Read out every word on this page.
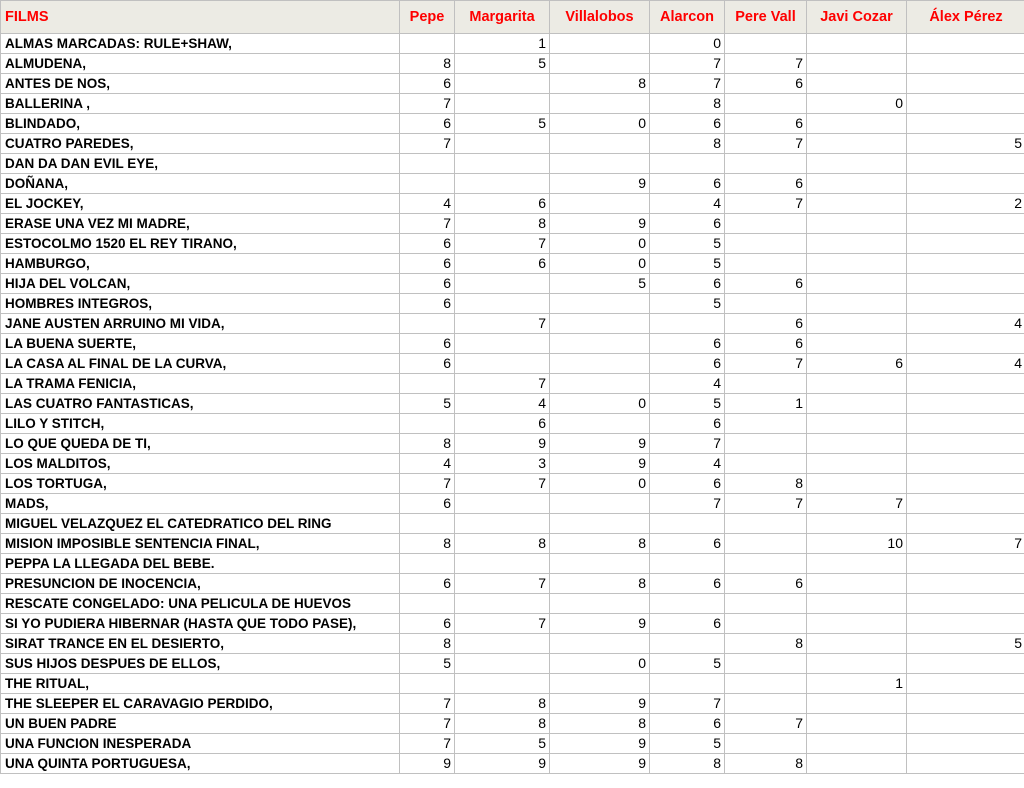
FILMS	Pepe	Margarita	Villalobos	Alarcon	Pere Vall	Javi Cozar	Álex Pérez
ALMAS MARCADAS: RULE+SHAW,		1		0			
ALMUDENA,	8	5		7	7		
ANTES DE NOS,	6		8	7	6		
BALLERINA ,	7			8		0	
BLINDADO,	6	5	0	6	6		
CUATRO PAREDES,	7			8	7		5
DAN DA DAN EVIL EYE,							
DOÑANA,			9	6	6		
EL JOCKEY,	4	6		4	7		2
ERASE UNA VEZ MI MADRE,	7	8	9	6			
ESTOCOLMO 1520 EL REY TIRANO,	6	7	0	5			
HAMBURGO,	6	6	0	5			
HIJA DEL VOLCAN,	6		5	6	6		
HOMBRES INTEGROS,	6			5			
JANE AUSTEN ARRUINO MI VIDA,		7			6		4
LA BUENA SUERTE,	6			6	6		
LA CASA AL FINAL DE LA CURVA,	6			6	7	6	4
LA TRAMA FENICIA,		7		4			
LAS CUATRO FANTASTICAS,	5	4	0	5	1		
LILO Y STITCH,		6		6			
LO QUE QUEDA DE TI,	8	9	9	7			
LOS MALDITOS,	4	3	9	4			
LOS TORTUGA,	7	7	0	6	8		
MADS,	6			7	7	7	
MIGUEL VELAZQUEZ EL CATEDRATICO DEL RING							
MISION IMPOSIBLE SENTENCIA FINAL,	8	8	8	6		10	7
PEPPA LA LLEGADA DEL BEBE.							
PRESUNCION DE INOCENCIA,	6	7	8	6	6		
RESCATE CONGELADO: UNA PELICULA DE HUEVOS							
SI YO PUDIERA HIBERNAR (HASTA QUE TODO PASE),	6	7	9	6			
SIRAT TRANCE EN EL DESIERTO,	8				8		5
SUS HIJOS DESPUES DE ELLOS,	5		0	5			
THE RITUAL,						1	
THE SLEEPER EL CARAVAGIO PERDIDO,	7	8	9	7			
UN BUEN PADRE	7	8	8	6	7		
UNA FUNCION INESPERADA	7	5	9	5			
UNA QUINTA PORTUGUESA,	9	9	9	8	8		
